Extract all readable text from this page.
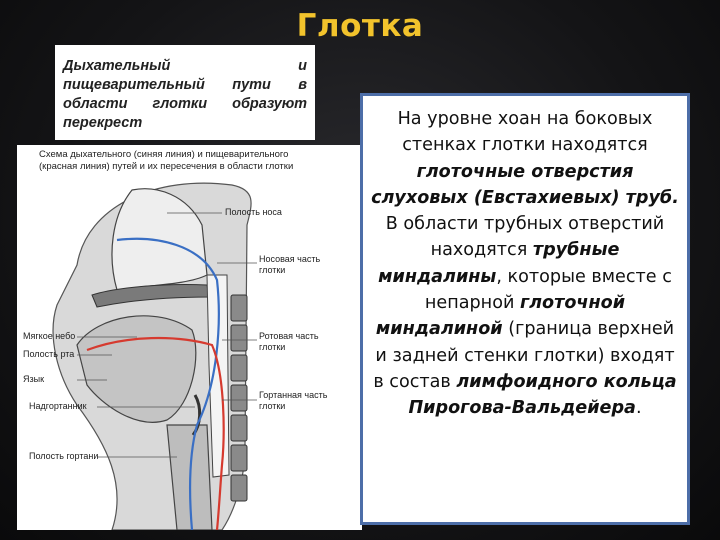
Глотка
Дыхательный и пищеварительный пути в области глотки образуют перекрест
Схема дыхательного (синяя линия) и пищеварительного (красная линия) путей и их пересечения в области глотки
Полость носа
Носовая часть
глотки
Мягкое небо
Полость рта
Ротовая часть
глотки
Язык
Гортанная часть
глотки
Надгортанник
Полость гортани
На уровне хоан на боковых стенках глотки находятся глоточные отверстия слуховых (Евстахиевых) труб. В области трубных отверстий находятся трубные миндалины, которые вместе с непарной глоточной миндалиной (граница верхней и задней стенки глотки) входят в состав лимфоидного кольца Пирогова-Вальдейера.
